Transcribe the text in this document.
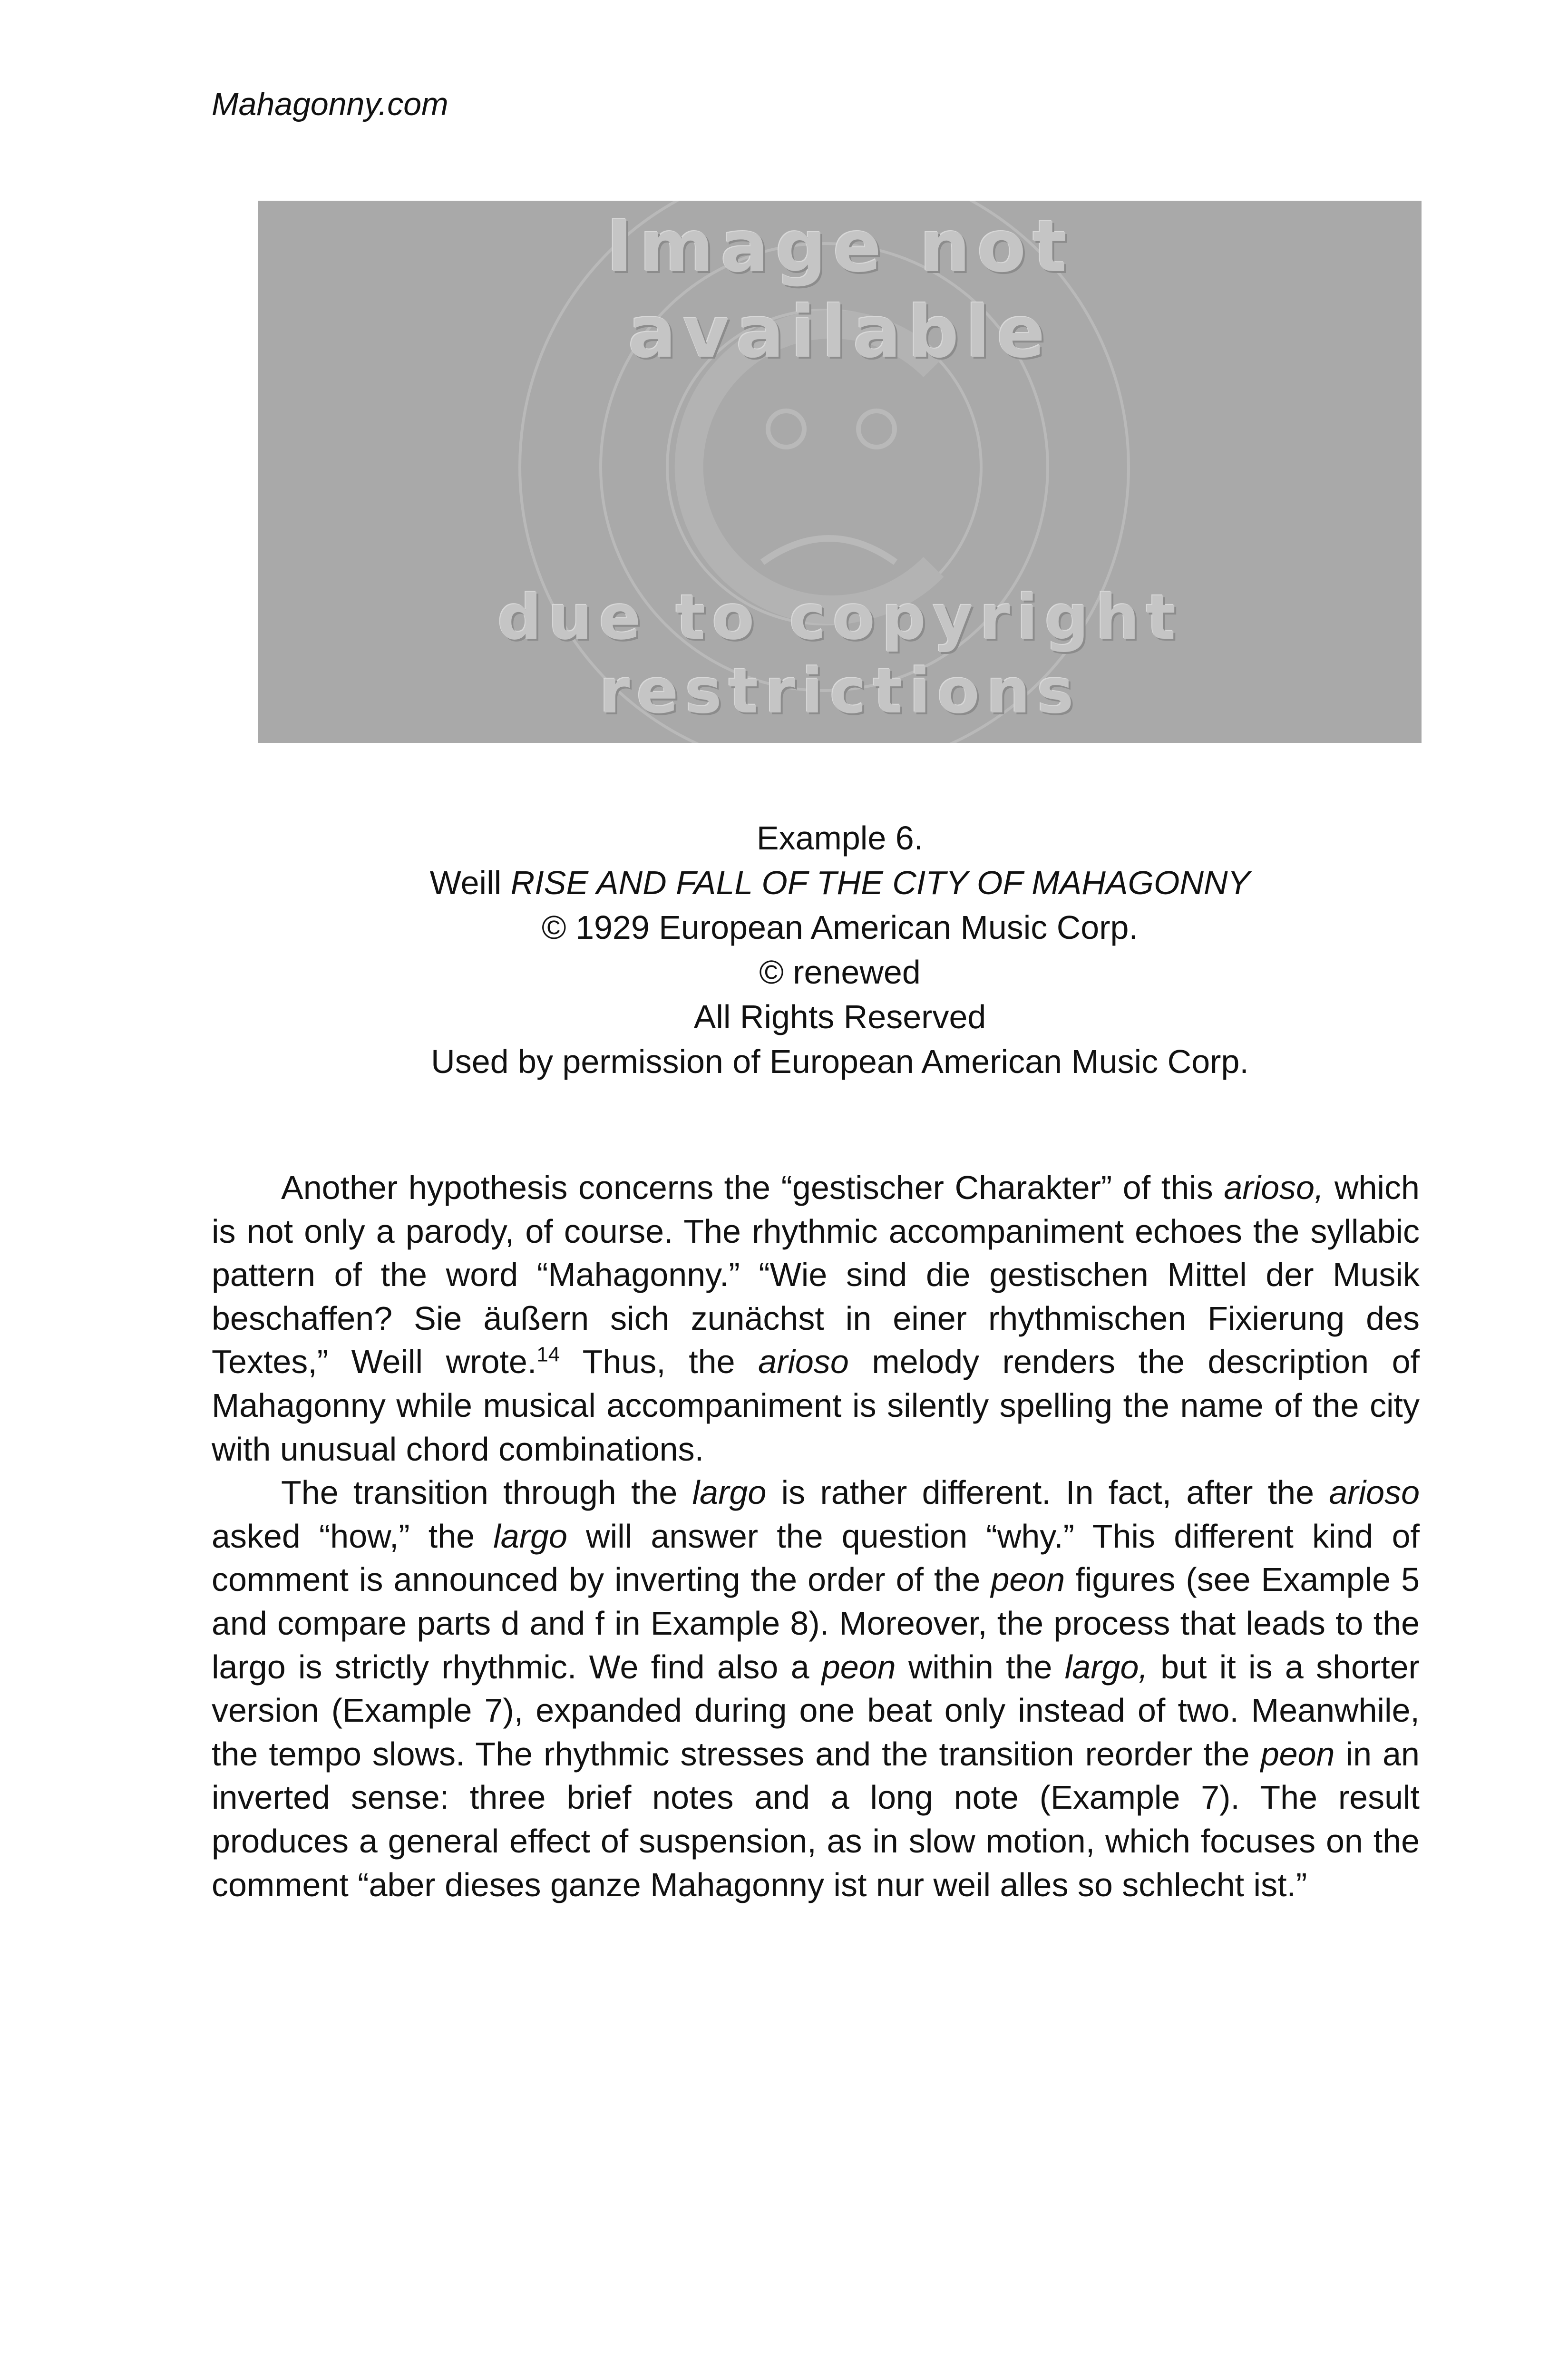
Mahagonny.com
Image not
available
due to copyright
restrictions
Example 6.
Weill RISE AND FALL OF THE CITY OF MAHAGONNY
© 1929 European American Music Corp.
© renewed
All Rights Reserved
Used by permission of European American Music Corp.

Another hypothesis concerns the “gestischer Charakter” of this arioso, which is not only a parody, of course. The rhythmic accompaniment echoes the syllabic pattern of the word “Mahagonny.” “Wie sind die gestischen Mittel der Musik beschaffen? Sie äußern sich zunächst in einer rhythmischen Fixierung des Textes,” Weill wrote.$^{14}$ Thus, the arioso melody renders the description of Mahagonny while musical accompaniment is silently spelling the name of the city with unusual chord combinations.

The transition through the largo is rather different. In fact, after the arioso asked “how,” the largo will answer the question “why.” This different kind of comment is announced by inverting the order of the peon figures (see Example 5 and compare parts d and f in Example 8). Moreover, the process that leads to the largo is strictly rhythmic. We find also a peon within the largo, but it is a shorter version (Example 7), expanded during one beat only instead of two. Meanwhile, the tempo slows. The rhythmic stresses and the transition reorder the peon in an inverted sense: three brief notes and a long note (Example 7). The result produces a general effect of suspension, as in slow motion, which focuses on the comment “aber dieses ganze Mahagonny ist nur weil alles so schlecht ist.”
